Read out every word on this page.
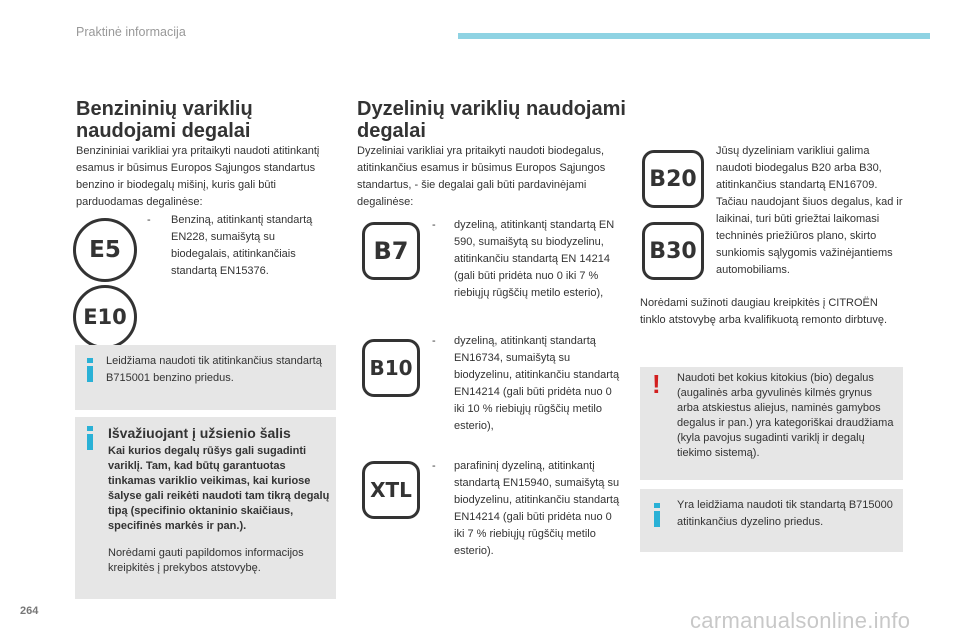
Praktinė informacija
Benzininių variklių
naudojami degalai
Benzininiai varikliai yra pritaikyti naudoti atitinkantį esamus ir būsimus Europos Sąjungos standartus benzino ir biodegalų mišinį, kuris gali būti parduodamas degalinėse:
E5
E10
- Benziną, atitinkantį standartą EN228, sumaišytą su biodegalais, atitinkančiais standartą EN15376.
Leidžiama naudoti tik atitinkančius standartą B715001 benzino priedus.
Išvažiuojant į užsienio šalis
Kai kurios degalų rūšys gali sugadinti variklį. Tam, kad būtų garantuotas tinkamas variklio veikimas, kai kuriose šalyse gali reikėti naudoti tam tikrą degalų tipą (specifinio oktaninio skaičiaus, specifinės markės ir pan.).
Norėdami gauti papildomos informacijos kreipkitės į prekybos atstovybę.
Dyzelinių variklių naudojami
degalai
Dyzeliniai varikliai yra pritaikyti naudoti biodegalus, atitinkančius esamus ir būsimus Europos Sąjungos standartus, - šie degalai gali būti pardavinėjami degalinėse:
B7
- dyzeliną, atitinkantį standartą EN 590, sumaišytą su biodyzelinu, atitinkančiu standartą EN 14214 (gali būti pridėta nuo 0 iki 7 % riebiųjų rūgščių metilo esterio),
B10
- dyzeliną, atitinkantį standartą EN16734, sumaišytą su biodyzelinu, atitinkančiu standartą EN14214 (gali būti pridėta nuo 0 iki 10 % riebiųjų rūgščių metilo esterio),
XTL
- parafininį dyzeliną, atitinkantį standartą EN15940, sumaišytą su biodyzelinu, atitinkančiu standartą EN14214 (gali būti pridėta nuo 0 iki 7 % riebiųjų rūgščių metilo esterio).
B20
B30
Jūsų dyzeliniam varikliui galima naudoti biodegalus B20 arba B30, atitinkančius standartą EN16709. Tačiau naudojant šiuos degalus, kad ir laikinai, turi būti griežtai laikomasi techninės priežiūros plano, skirto sunkiomis sąlygomis važinėjantiems automobiliams.
Norėdami sužinoti daugiau kreipkitės į CITROËN tinklo atstovybę arba kvalifikuotą remonto dirbtuvę.
! Naudoti bet kokius kitokius (bio) degalus (augalinės arba gyvulinės kilmės grynus arba atskiestus aliejus, naminės gamybos degalus ir pan.) yra kategoriškai draudžiama (kyla pavojus sugadinti variklį ir degalų tiekimo sistemą).
Yra leidžiama naudoti tik standartą B715000 atitinkančius dyzelino priedus.
264	carmanualsonline.info
